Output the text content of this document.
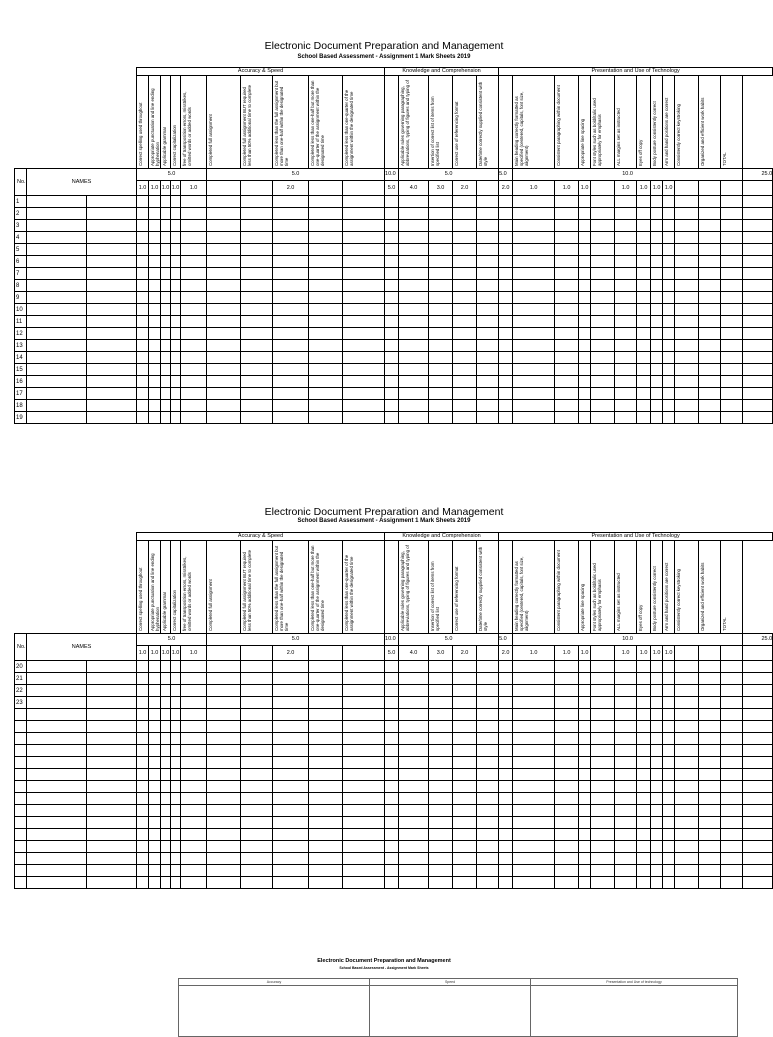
Electronic Document Preparation and Management
School Based Assessment - Assignment 1 Mark Sheets 2019
			Accuracy & Speed										Knowledge and Comprehension					Presentation and Use of Technology												

			Correct spelling used throughout	Appropriate punctuation and line ending hyphenation	Applicable grammar	Correct capitalization	free of transposition errors, misstrikes, omitted words or added words	Completed full assignment	Completed full assignment BUT required less than 50% additional time to complete	Completed less than the full assignment but more than one-half within the designated time	Completed less than one-half but more than one-quarter of the assignment within the designated time	Completed less than one-quarter of the assignment within the designated time		Applicable rules governing paragraphing, abbreviations, typing of figures and typing of	Insertion of correct list of items from specified list	Correct use of referencing format	Date/time correctly supplied consistent with style		Main heading correctly formatted as specified (centered, capitals, font size, alignment)	Consistent paragraphing within document	Appropriate line spacing	Font styles such as bold/italic used appropriately for emphasis	ALL margins set as instructed	Eyes off copy	Body posture consistently correct	Arm and hand positions are correct	Consistently correct keystroking	Organized and efficient work habits	TOTAL	

No.	NAMES		5.0					5.0					10.0	5.0				5.0	10.0											25.0
			1.0	1.0	1.0	1.0	1.0			2.0			5.0	4.0	3.0	2.0		2.0	1.0	1.0	1.0		1.0	1.0	1.0	1.0				
1																														
2																														
3																														
4																														
5																														
6																														
7																														
8																														
9																														
10																														
11																														
12																														
13																														
14																														
15																														
16																														
17																														
18																														
19																														
Electronic Document Preparation and Management
School Based Assessment - Assignment 1 Mark Sheets 2019
			Accuracy & Speed										Knowledge and Comprehension					Presentation and Use of Technology												

			Correct spelling used throughout	Appropriate punctuation and line ending hyphenation	Applicable grammar	Correct capitalization	free of transposition errors, misstrikes, omitted words or added words	Completed full assignment	Completed full assignment BUT required less than 50% additional time to complete	Completed less than the full assignment but more than one-half within the designated time	Completed less than one-half but more than one-quarter of the assignment within the designated time	Completed less than one-quarter of the assignment within the designated time		Applicable rules governing paragraphing, abbreviations, typing of figures and typing of	Insertion of correct list of items from specified list	Correct use of referencing format	Date/time correctly supplied consistent with style		Main heading correctly formatted as specified (centered, capitals, font size, alignment)	Consistent paragraphing within document	Appropriate line spacing	Font styles such as bold/italic used appropriately for emphasis	ALL margins set as instructed	Eyes off copy	Body posture consistently correct	Arm and hand positions are correct	Consistently correct keystroking	Organized and efficient work habits	TOTAL	

No.	NAMES		5.0					5.0					10.0	5.0				5.0	10.0											25.0
			1.0	1.0	1.0	1.0	1.0			2.0			5.0	4.0	3.0	2.0		2.0	1.0	1.0	1.0		1.0	1.0	1.0	1.0				
20																														
21																														
22																														
23																														

Electronic Document Preparation and Management
School Based Assessment - Assignment Mark Sheets
Accuracy	Speed	Presentation and Use of technology
